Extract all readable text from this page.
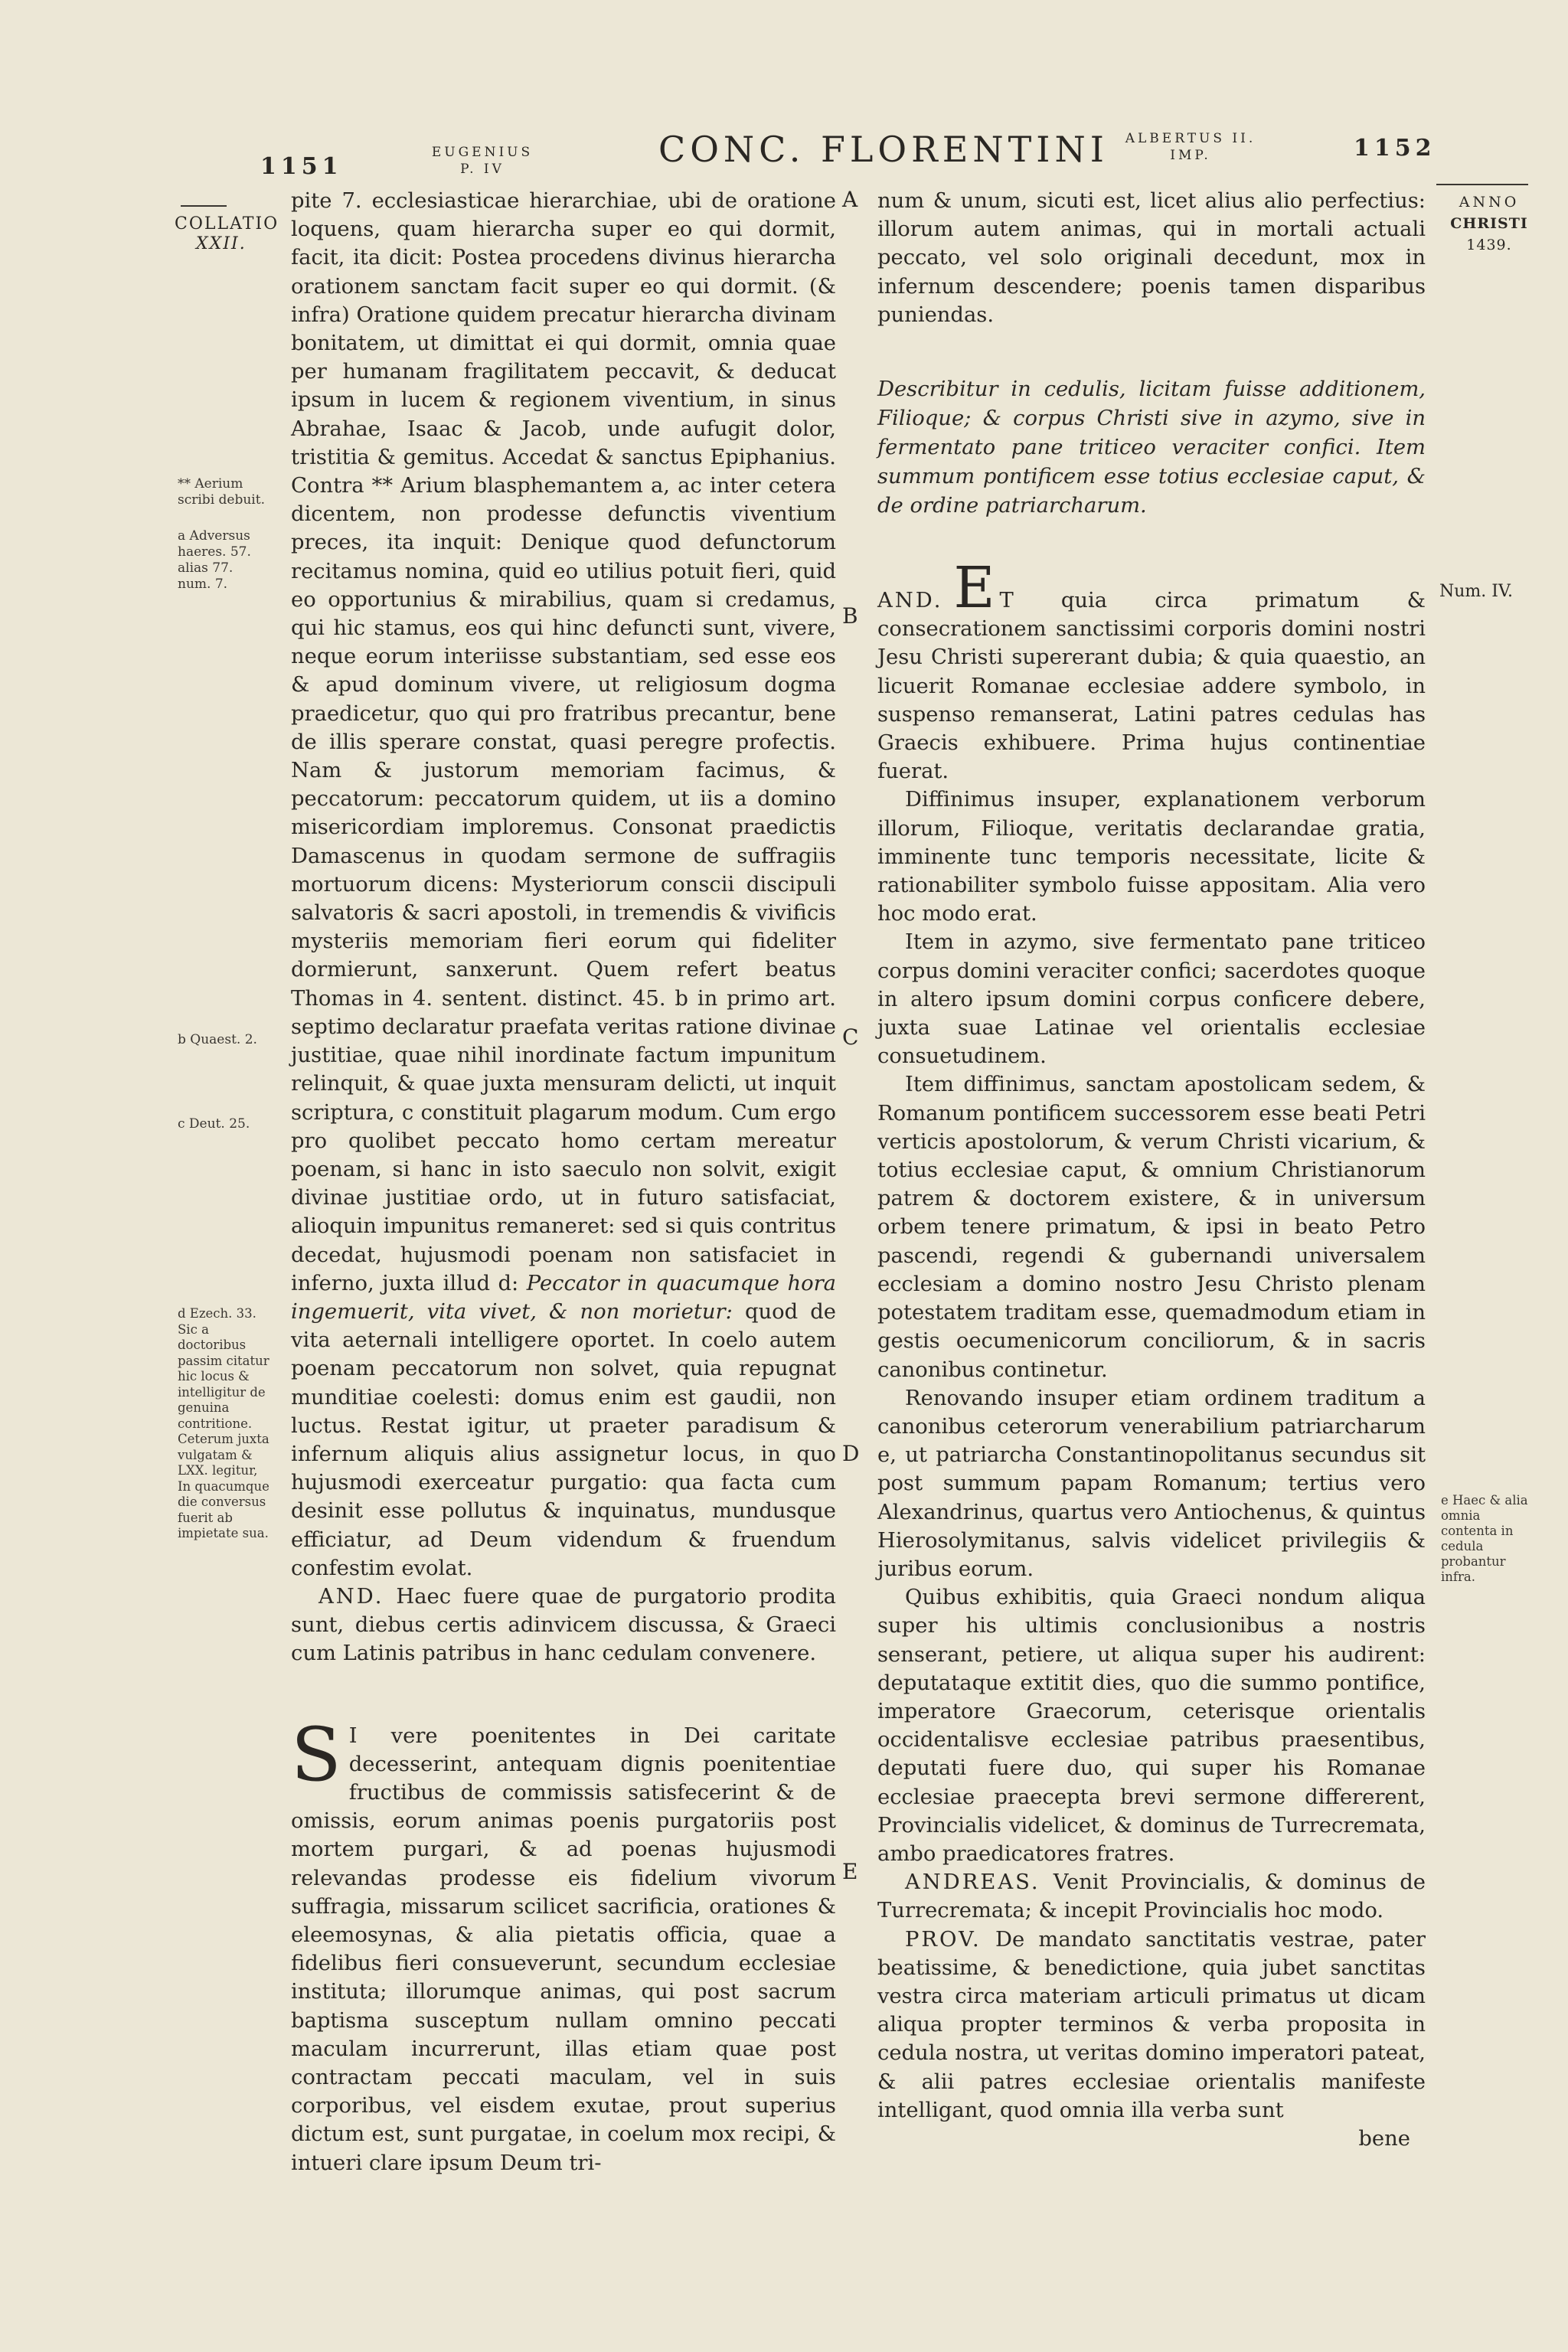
1151
EUGENIUS
P. IV	CONC. FLORENTINI	ALBERTUS II.
IMP.	1152
COLLATIO
XXII.
** Aerium scribi debuit.
a Adversus haeres. 57. alias 77. num. 7.
b Quaest. 2.
c Deut. 25.
d Ezech. 33. Sic a doctoribus passim citatur hic locus & intelligitur de genuina contritione. Ceterum juxta vulgatam & LXX. legitur, In quacumque die conversus fuerit ab impietate sua.
A
B
C
D
E

pite 7. ecclesiasticae hierarchiae, ubi de oratione loquens, quam hierarcha super eo qui dormit, facit, ita dicit: Postea procedens divinus hierarcha orationem sanctam facit super eo qui dormit. (& infra) Oratione quidem precatur hierarcha divinam bonitatem, ut dimittat ei qui dormit, omnia quae per humanam fragilitatem peccavit, & deducat ipsum in lucem & regionem viventium, in sinus Abrahae, Isaac & Jacob, unde aufugit dolor, tristitia & gemitus. Accedat & sanctus Epiphanius. Contra ** Arium blasphemantem a, ac inter cetera dicentem, non prodesse defunctis viventium preces, ita inquit: Denique quod defunctorum recitamus nomina, quid eo utilius potuit fieri, quid eo opportunius & mirabilius, quam si credamus, qui hic stamus, eos qui hinc defuncti sunt, vivere, neque eorum interiisse substantiam, sed esse eos & apud dominum vivere, ut religiosum dogma praedicetur, quo qui pro fratribus precantur, bene de illis sperare constat, quasi peregre profectis. Nam & justorum memoriam facimus, & peccatorum: peccatorum quidem, ut iis a domino misericordiam imploremus. Consonat praedictis Damascenus in quodam sermone de suffragiis mortuorum dicens: Mysteriorum conscii discipuli salvatoris & sacri apostoli, in tremendis & vivificis mysteriis memoriam fieri eorum qui fideliter dormierunt, sanxerunt. Quem refert beatus Thomas in 4. sentent. distinct. 45. b in primo art. septimo declaratur praefata veritas ratione divinae justitiae, quae nihil inordinate factum impunitum relinquit, & quae juxta mensuram delicti, ut inquit scriptura, c constituit plagarum modum. Cum ergo pro quolibet peccato homo certam mereatur poenam, si hanc in isto saeculo non solvit, exigit divinae justitiae ordo, ut in futuro satisfaciat, alioquin impunitus remaneret: sed si quis contritus decedat, hujusmodi poenam non satisfaciet in inferno, juxta illud d: Peccator in quacumque hora ingemuerit, vita vivet, & non morietur: quod de vita aeternali intelligere oportet. In coelo autem poenam peccatorum non solvet, quia repugnat munditiae coelesti: domus enim est gaudii, non luctus. Restat igitur, ut praeter paradisum & infernum aliquis alius assignetur locus, in quo hujusmodi exerceatur purgatio: qua facta cum desinit esse pollutus & inquinatus, mundusque efficiatur, ad Deum videndum & fruendum confestim evolat.

AND. Haec fuere quae de purgatorio prodita sunt, diebus certis adinvicem discussa, & Graeci cum Latinis patribus in hanc cedulam convenere.

S I vere poenitentes in Dei caritate decesserint, antequam dignis poenitentiae fructibus de commissis satisfecerint & de omissis, eorum animas poenis purgatoriis post mortem purgari, & ad poenas hujusmodi relevandas prodesse eis fidelium vivorum suffragia, missarum scilicet sacrificia, orationes & eleemosynas, & alia pietatis officia, quae a fidelibus fieri consueverunt, secundum ecclesiae instituta; illorumque animas, qui post sacrum baptisma susceptum nullam omnino peccati maculam incurrerunt, illas etiam quae post contractam peccati maculam, vel in suis corporibus, vel eisdem exutae, prout superius dictum est, sunt purgatae, in coelum mox recipi, & intueri clare ipsum Deum tri-

num & unum, sicuti est, licet alius alio perfectius: illorum autem animas, qui in mortali actuali peccato, vel solo originali decedunt, mox in infernum descendere; poenis tamen disparibus puniendas.

Describitur in cedulis, licitam fuisse additionem, Filioque; & corpus Christi sive in azymo, sive in fermentato pane triticeo veraciter confici. Item summum pontificem esse totius ecclesiae caput, & de ordine patriarcharum.

AND. E T quia circa primatum & consecrationem sanctissimi corporis domini nostri Jesu Christi supererant dubia; & quia quaestio, an licuerit Romanae ecclesiae addere symbolo, in suspenso remanserat, Latini patres cedulas has Graecis exhibuere. Prima hujus continentiae fuerat.

Diffinimus insuper, explanationem verborum illorum, Filioque, veritatis declarandae gratia, imminente tunc temporis necessitate, licite & rationabiliter symbolo fuisse appositam. Alia vero hoc modo erat.

Item in azymo, sive fermentato pane triticeo corpus domini veraciter confici; sacerdotes quoque in altero ipsum domini corpus conficere debere, juxta suae Latinae vel orientalis ecclesiae consuetudinem.

Item diffinimus, sanctam apostolicam sedem, & Romanum pontificem successorem esse beati Petri verticis apostolorum, & verum Christi vicarium, & totius ecclesiae caput, & omnium Christianorum patrem & doctorem existere, & in universum orbem tenere primatum, & ipsi in beato Petro pascendi, regendi & gubernandi universalem ecclesiam a domino nostro Jesu Christo plenam potestatem traditam esse, quemadmodum etiam in gestis oecumenicorum conciliorum, & in sacris canonibus continetur.

Renovando insuper etiam ordinem traditum a canonibus ceterorum venerabilium patriarcharum e, ut patriarcha Constantinopolitanus secundus sit post summum papam Romanum; tertius vero Alexandrinus, quartus vero Antiochenus, & quintus Hierosolymitanus, salvis videlicet privilegiis & juribus eorum.

Quibus exhibitis, quia Graeci nondum aliqua super his ultimis conclusionibus a nostris senserant, petiere, ut aliqua super his audirent: deputataque extitit dies, quo die summo pontifice, imperatore Graecorum, ceterisque orientalis occidentalisve ecclesiae patribus praesentibus, deputati fuere duo, qui super his Romanae ecclesiae praecepta brevi sermone differerent, Provincialis videlicet, & dominus de Turrecremata, ambo praedicatores fratres.

ANDREAS. Venit Provincialis, & dominus de Turrecremata; & incepit Provincialis hoc modo.

PROV. De mandato sanctitatis vestrae, pater beatissime, & benedictione, quia jubet sanctitas vestra circa materiam articuli primatus ut dicam aliqua propter terminos & verba proposita in cedula nostra, ut veritas domino imperatori pateat, & alii patres ecclesiae orientalis manifeste intelligant, quod omnia illa verba sunt

bene
ANNO
CHRISTI
1439.
Num. IV.
e Haec & alia omnia contenta in cedula probantur infra.
